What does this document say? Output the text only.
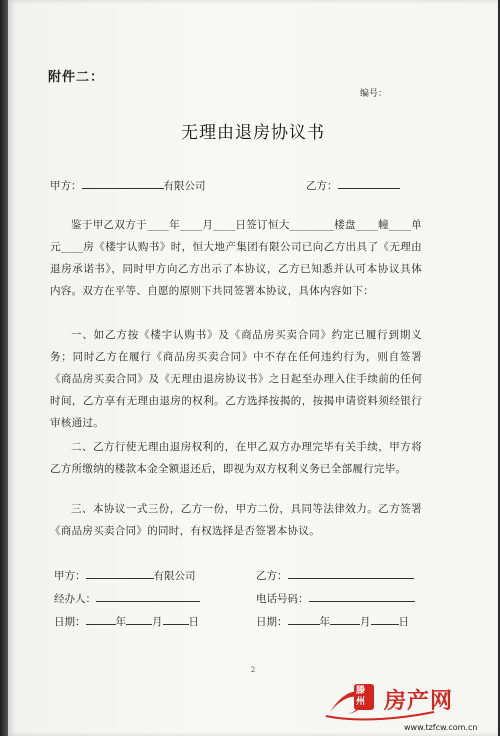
附件二：
编号：
无理由退房协议书
甲方：	有限公司	乙方：
鉴于甲乙双方于____年____月____日签订恒大________楼盘____幢____单元____房《楼宇认购书》时，恒大地产集团有限公司已向乙方出具了《无理由退房承诺书》，同时甲方向乙方出示了本协议，乙方已知悉并认可本协议具体内容。双方在平等、自愿的原则下共同签署本协议，具体内容如下：
一、如乙方按《楼宇认购书》及《商品房买卖合同》约定已履行到期义务；同时乙方在履行《商品房买卖合同》中不存在任何违约行为，则自签署《商品房买卖合同》及《无理由退房协议书》之日起至办理入住手续前的任何时间，乙方享有无理由退房的权利。乙方选择按揭的，按揭申请资料须经银行审核通过。
二、乙方行使无理由退房权利的，在甲乙双方办理完毕有关手续，甲方将乙方所缴纳的楼款本金全额退还后，即视为双方权利义务已全部履行完毕。
三、本协议一式三份，乙方一份，甲方二份，具同等法律效力。乙方签署《商品房买卖合同》的同时，有权选择是否签署本协议。
甲方：	有限公司	乙方：
经办人：	电话号码：
日期：	年 月 日	日期：	年	月	日
2
滕州 房产网
www.tzfcw.com.cn
